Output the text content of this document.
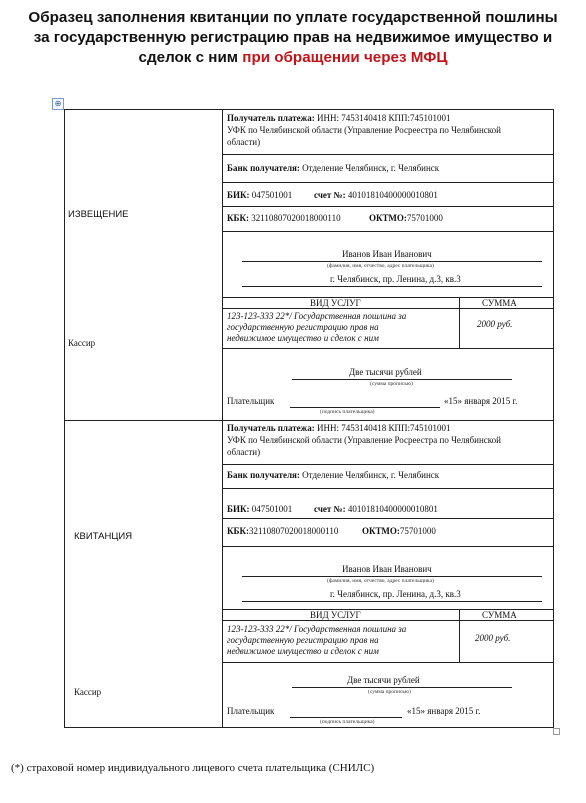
Образец заполнения квитанции по уплате государственной пошлины
за государственную регистрацию прав на недвижимое имущество и
сделок с ним при обращении через МФЦ
⊕
ИЗВЕЩЕНИЕ
Кассир
Получатель платежа: ИНН: 7453140418 КПП:745101001
УФК по Челябинской области (Управление Росреестра по Челябинской
области)
Банк получателя: Отделение Челябинск, г. Челябинск
БИК: 047501001 счет №: 40101810400000010801
КБК: 32110807020018000110	ОКТМО:75701000
Иванов Иван Иванович
(фамилия, имя, отчество, адрес плательщика)
г. Челябинск, пр. Ленина, д.3, кв.3
ВИД УСЛУГ	СУММА
123-123-333 22*/ Государственная пошлина за
государственную регистрацию прав на
недвижимое имущество и сделок с ним
2000 руб.
Две тысячи рублей
(сумма прописью)
Плательщик	«15» января 2015 г.
(подпись плательщика)
КВИТАНЦИЯ
Кассир
Получатель платежа: ИНН: 7453140418 КПП:745101001
УФК по Челябинской области (Управление Росреестра по Челябинской
области)
Банк получателя: Отделение Челябинск, г. Челябинск
БИК: 047501001 счет №: 40101810400000010801
КБК:32110807020018000110	ОКТМО:75701000
Иванов Иван Иванович
(фамилия, имя, отчество, адрес плательщика)
г. Челябинск, пр. Ленина, д.3, кв.3
ВИД УСЛУГ	СУММА
123-123-333 22*/ Государственная пошлина за
государственную регистрацию прав на
недвижимое имущество и сделок с ним
2000 руб.
Две тысячи рублей
(сумма прописью)
Плательщик	«15» января 2015 г.
(подпись плательщика)
(*) страховой номер индивидуального лицевого счета плательщика (СНИЛС)
